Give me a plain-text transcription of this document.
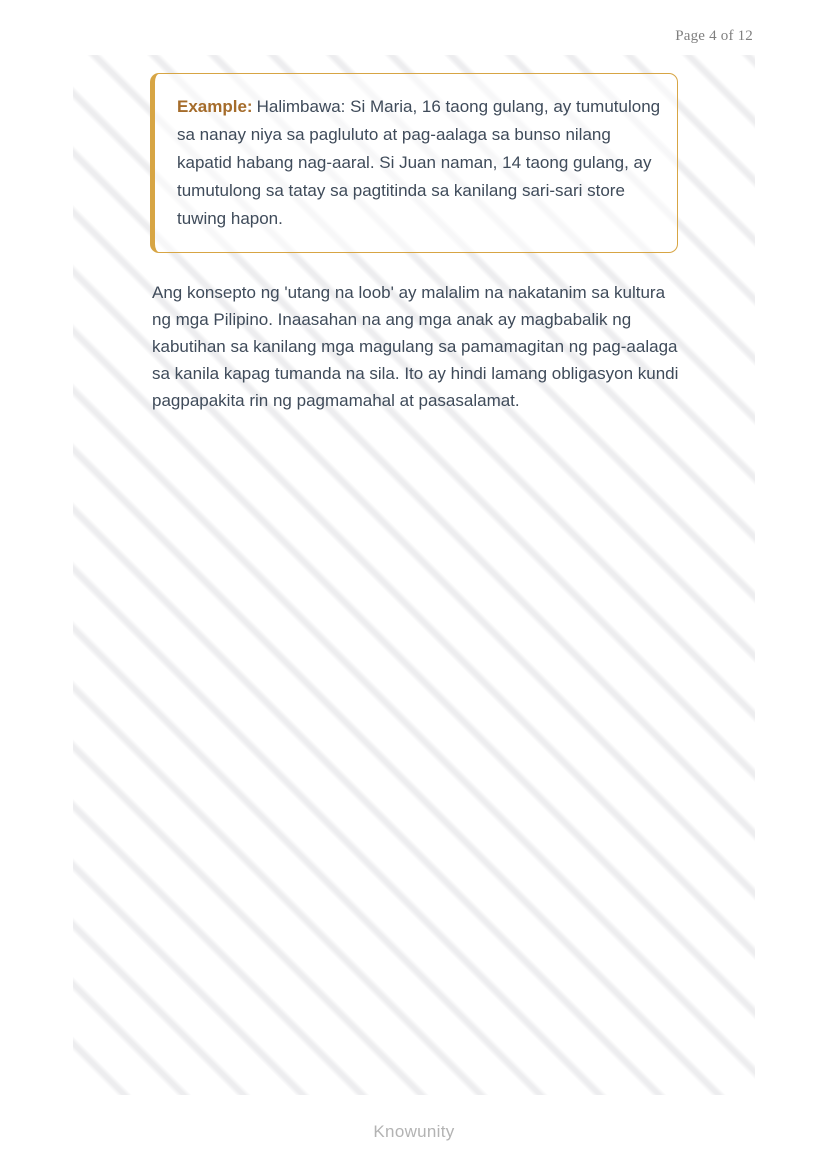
Page 4 of 12
Example: Halimbawa: Si Maria, 16 taong gulang, ay tumutulong sa nanay niya sa pagluluto at pag-aalaga sa bunso nilang kapatid habang nag-aaral. Si Juan naman, 14 taong gulang, ay tumutulong sa tatay sa pagtitinda sa kanilang sari-sari store tuwing hapon.
Ang konsepto ng 'utang na loob' ay malalim na nakatanim sa kultura ng mga Pilipino. Inaasahan na ang mga anak ay magbabalik ng kabutihan sa kanilang mga magulang sa pamamagitan ng pag-aalaga sa kanila kapag tumanda na sila. Ito ay hindi lamang obligasyon kundi pagpapakita rin ng pagmamahal at pasasalamat.
Knowunity
